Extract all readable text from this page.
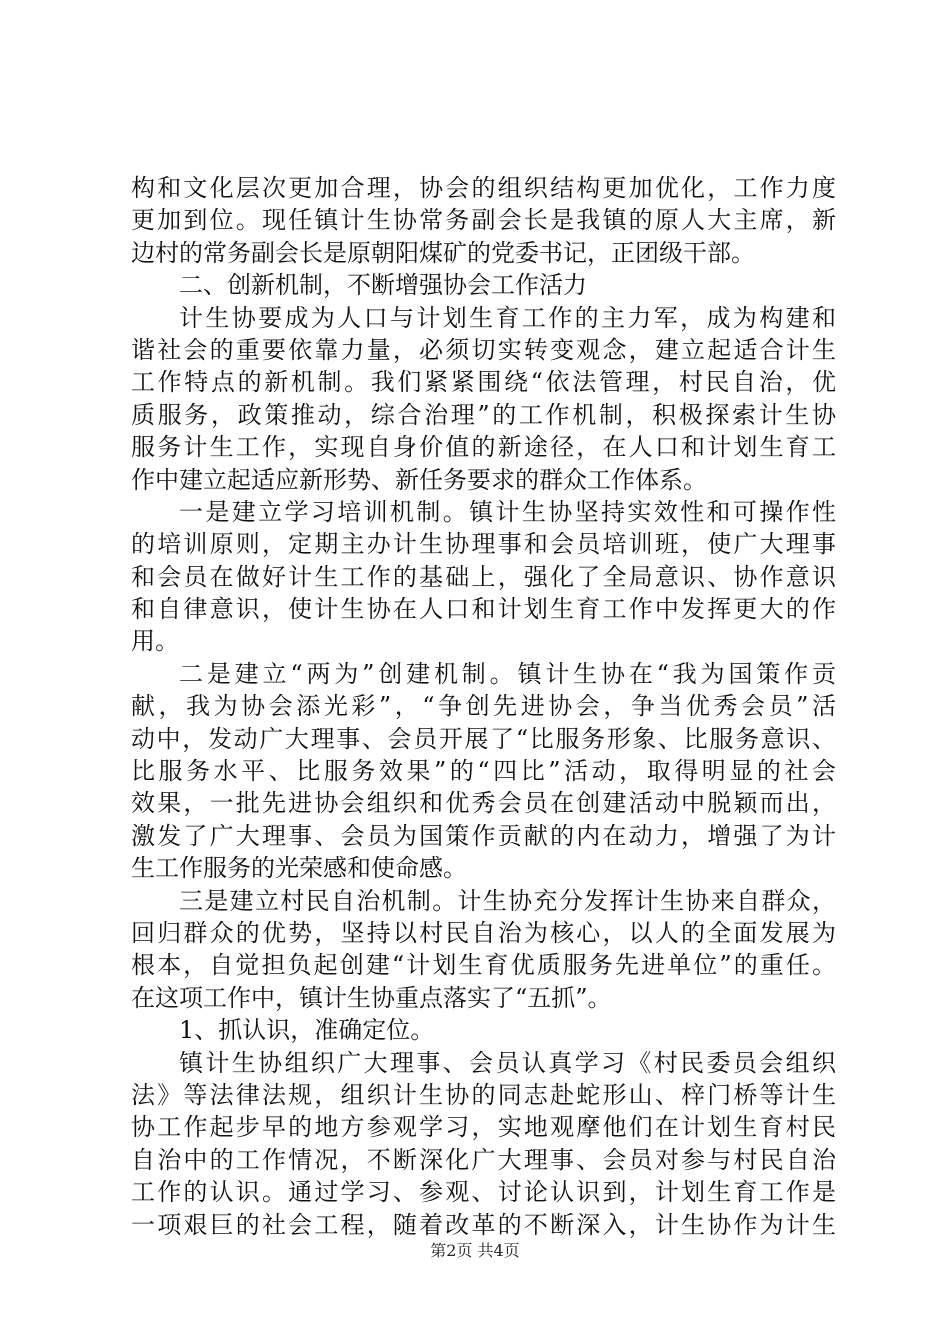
构和文化层次更加合理，协会的组织结构更加优化，工作力度
更加到位。现任镇计生协常务副会长是我镇的原人大主席，新
边村的常务副会长是原朝阳煤矿的党委书记，正团级干部。
二、创新机制，不断增强协会工作活力
计生协要成为人口与计划生育工作的主力军，成为构建和
谐社会的重要依靠力量，必须切实转变观念，建立起适合计生
工作特点的新机制。我们紧紧围绕“依法管理，村民自治，优
质服务，政策推动，综合治理”的工作机制，积极探索计生协
服务计生工作，实现自身价值的新途径，在人口和计划生育工
作中建立起适应新形势、新任务要求的群众工作体系。
一是建立学习培训机制。镇计生协坚持实效性和可操作性
的培训原则，定期主办计生协理事和会员培训班，使广大理事
和会员在做好计生工作的基础上，强化了全局意识、协作意识
和自律意识，使计生协在人口和计划生育工作中发挥更大的作
用。
二是建立“两为”创建机制。镇计生协在“我为国策作贡
献，我为协会添光彩”，“争创先进协会，争当优秀会员”活
动中，发动广大理事、会员开展了“比服务形象、比服务意识、
比服务水平、比服务效果”的“四比”活动，取得明显的社会
效果，一批先进协会组织和优秀会员在创建活动中脱颖而出，
激发了广大理事、会员为国策作贡献的内在动力，增强了为计
生工作服务的光荣感和使命感。
三是建立村民自治机制。计生协充分发挥计生协来自群众，
回归群众的优势，坚持以村民自治为核心，以人的全面发展为
根本，自觉担负起创建“计划生育优质服务先进单位”的重任。
在这项工作中，镇计生协重点落实了“五抓”。
1、抓认识，准确定位。
镇计生协组织广大理事、会员认真学习《村民委员会组织
法》等法律法规，组织计生协的同志赴蛇形山、梓门桥等计生
协工作起步早的地方参观学习，实地观摩他们在计划生育村民
自治中的工作情况，不断深化广大理事、会员对参与村民自治
工作的认识。通过学习、参观、讨论认识到，计划生育工作是
一项艰巨的社会工程，随着改革的不断深入，计生协作为计生
第2页 共4页
